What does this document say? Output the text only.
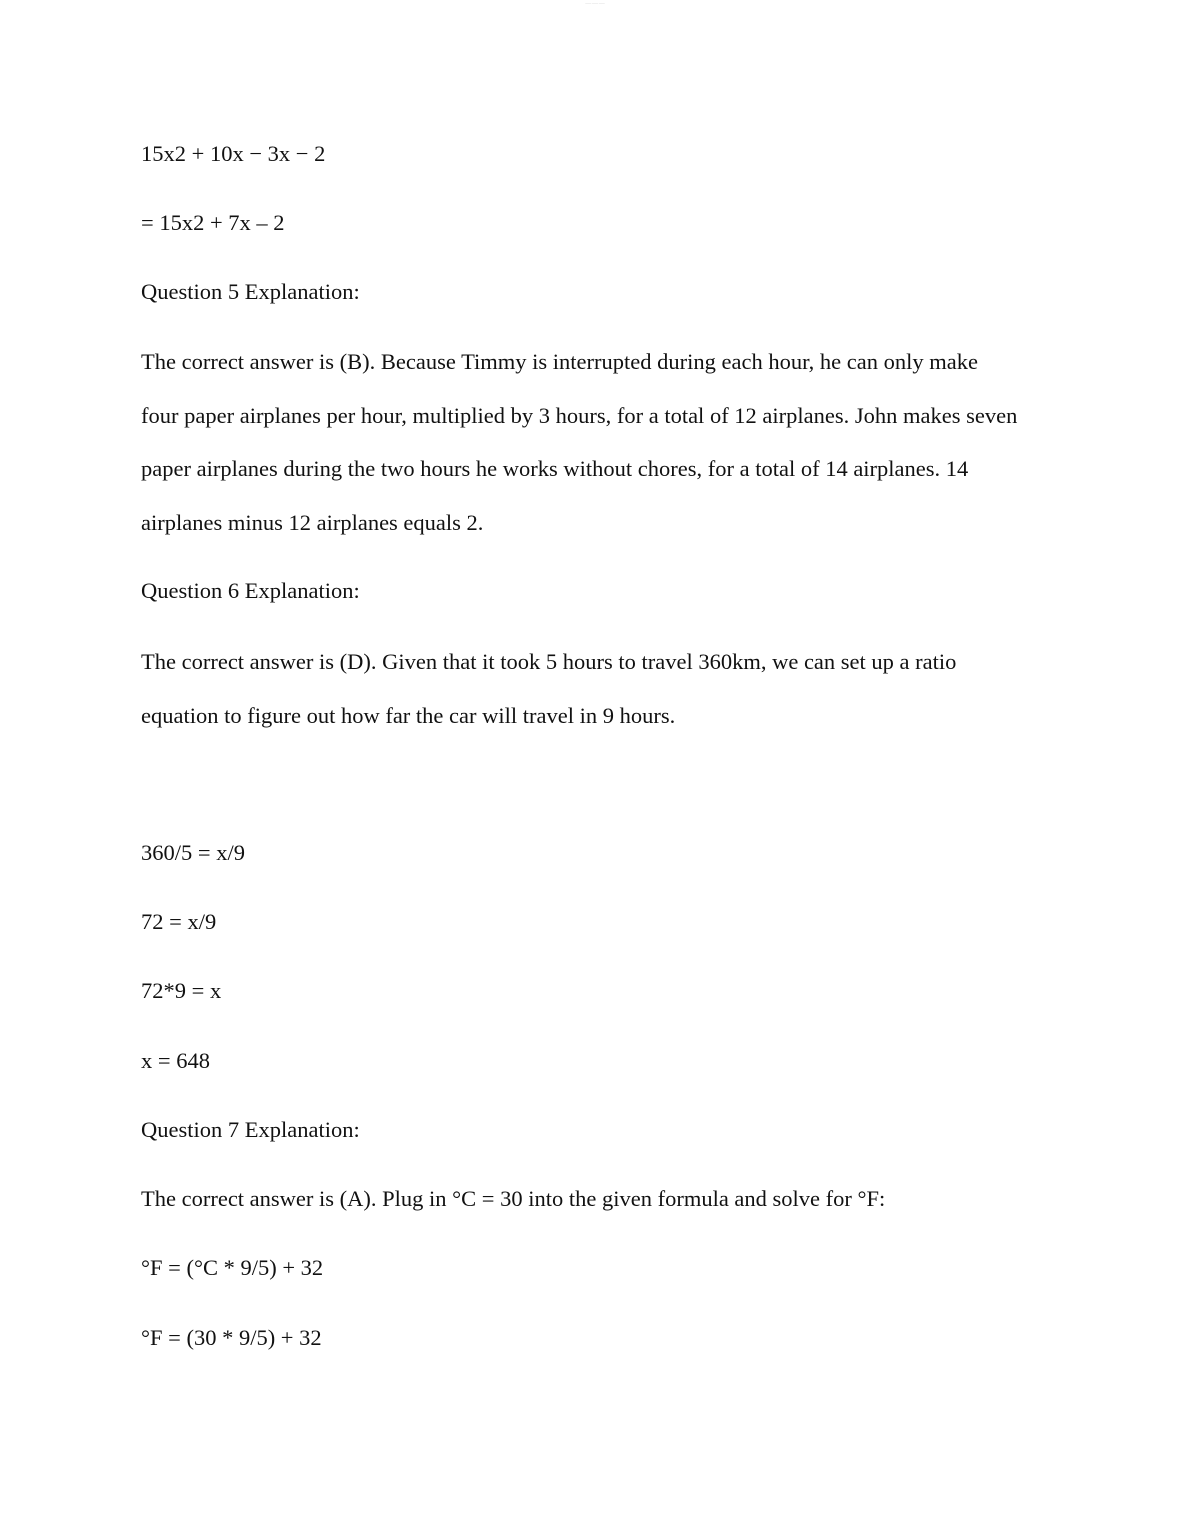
—— —— ——
15x2 + 10x − 3x − 2
= 15x2 + 7x – 2
Question 5 Explanation:
The correct answer is (B). Because Timmy is interrupted during each hour, he can only make
four paper airplanes per hour, multiplied by 3 hours, for a total of 12 airplanes. John makes seven
paper airplanes during the two hours he works without chores, for a total of 14 airplanes. 14
airplanes minus 12 airplanes equals 2.
Question 6 Explanation:
The correct answer is (D). Given that it took 5 hours to travel 360km, we can set up a ratio
equation to figure out how far the car will travel in 9 hours.
360/5 = x/9
72 = x/9
72*9 = x
x = 648
Question 7 Explanation:
The correct answer is (A). Plug in °C = 30 into the given formula and solve for °F:
°F = (°C * 9/5) + 32
°F = (30 * 9/5) + 32
